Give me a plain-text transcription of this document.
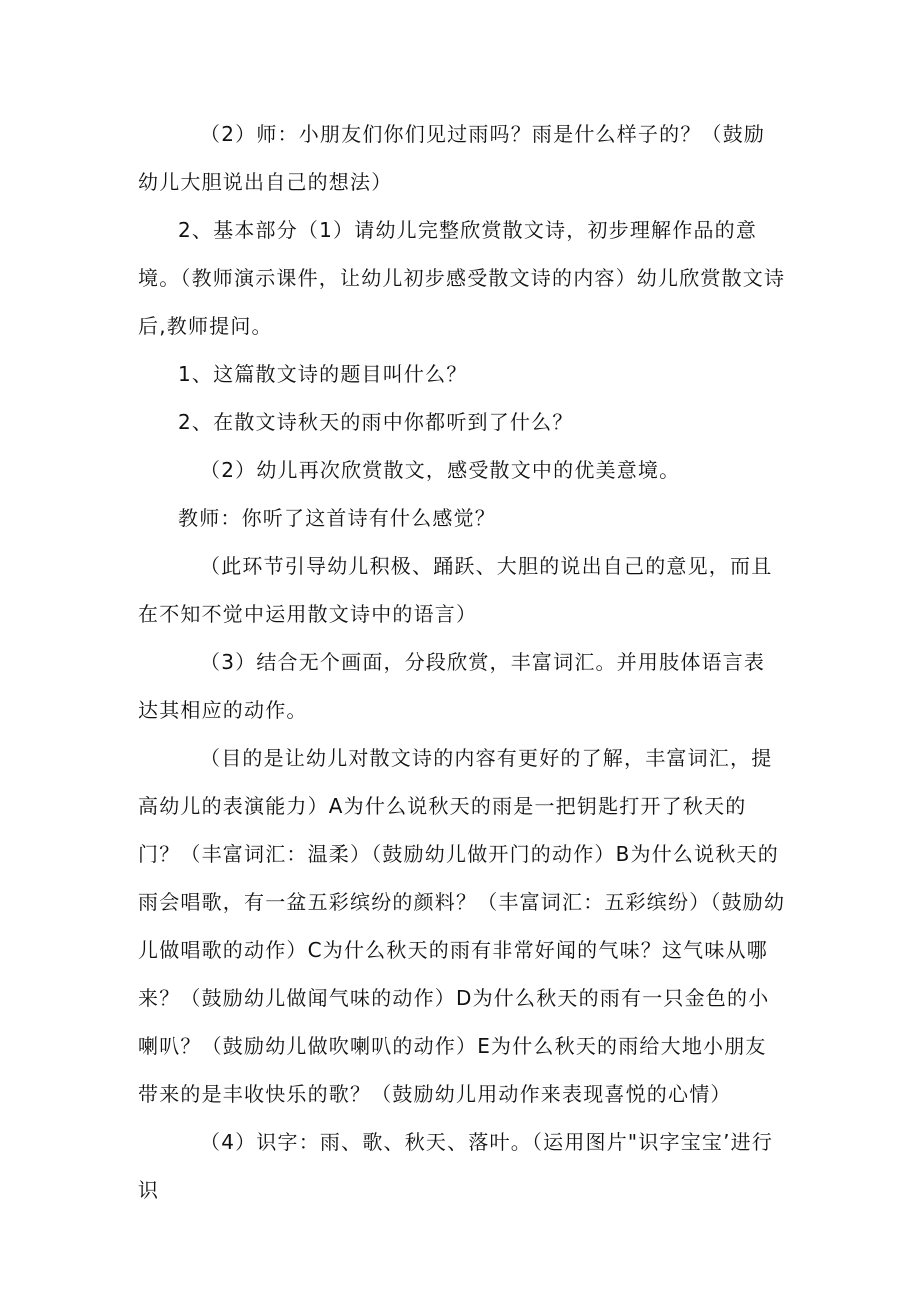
（2）师：小朋友们你们见过雨吗？雨是什么样子的？（鼓励幼儿大胆说出自己的想法）

2、基本部分（1）请幼儿完整欣赏散文诗，初步理解作品的意境。（教师演示课件，让幼儿初步感受散文诗的内容）幼儿欣赏散文诗后,教师提问。

1、这篇散文诗的题目叫什么？

2、在散文诗秋天的雨中你都听到了什么？

（2）幼儿再次欣赏散文，感受散文中的优美意境。

教师：你听了这首诗有什么感觉？

（此环节引导幼儿积极、踊跃、大胆的说出自己的意见，而且在不知不觉中运用散文诗中的语言）

（3）结合无个画面，分段欣赏，丰富词汇。并用肢体语言表达其相应的动作。

（目的是让幼儿对散文诗的内容有更好的了解，丰富词汇，提高幼儿的表演能力）A为什么说秋天的雨是一把钥匙打开了秋天的门？（丰富词汇：温柔）（鼓励幼儿做开门的动作）B为什么说秋天的雨会唱歌，有一盆五彩缤纷的颜料？（丰富词汇：五彩缤纷）（鼓励幼儿做唱歌的动作）C为什么秋天的雨有非常好闻的气味？这气味从哪来？（鼓励幼儿做闻气味的动作）D为什么秋天的雨有一只金色的小喇叭？（鼓励幼儿做吹喇叭的动作）E为什么秋天的雨给大地小朋友带来的是丰收快乐的歌？（鼓励幼儿用动作来表现喜悦的心情）

（4）识字：雨、歌、秋天、落叶。（运用图片"识字宝宝’进行识
